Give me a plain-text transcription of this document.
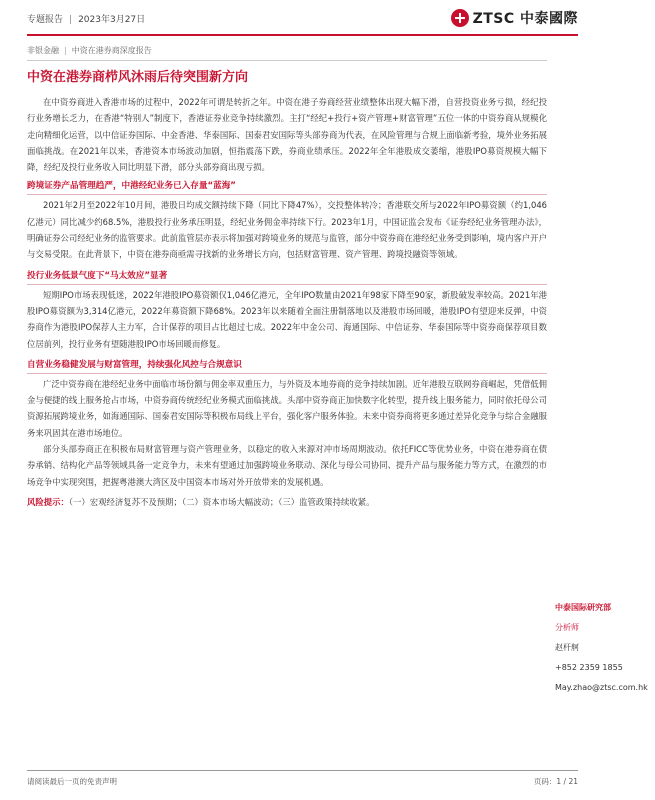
专题报告 | 2023年3月27日	ZTSC 中泰國際
非银金融 | 中资在港券商深度报告
中资在港券商栉风沐雨后待突围新方向

在中资券商进入香港市场的过程中，2022年可谓是转折之年。中资在港子券商经营业绩整体出现大幅下滑，自营投资业务亏损，经纪投行业务增长乏力，在香港“特别人”制度下，香港证券业竞争持续激烈。主打“经纪+投行+资产管理+财富管理”五位一体的中资券商从规模化走向精细化运营，以中信证券国际、中金香港、华泰国际、国泰君安国际等头部券商为代表，在风险管理与合规上面临新考验，境外业务拓展面临挑战。在2021年以来，香港资本市场波动加剧，恒指震荡下跌，券商业绩承压。2022年全年港股成交萎缩，港股IPO募资规模大幅下降，经纪及投行业务收入同比明显下滑，部分头部券商出现亏损。

跨境证券产品管理趋严，中港经纪业务已入存量“蓝海”

2021年2月至2022年10月间，港股日均成交额持续下降（同比下降47%），交投整体转冷；香港联交所与2022年IPO募资额（约1,046亿港元）同比减少约68.5%，港股投行业务承压明显，经纪业务佣金率持续下行。2023年1月，中国证监会发布《证券经纪业务管理办法》，明确证券公司经纪业务的监管要求。此前监管层亦表示将加强对跨境业务的规范与监管，部分中资券商在港经纪业务受到影响，境内客户开户与交易受限。在此背景下，中资在港券商亟需寻找新的业务增长方向，包括财富管理、资产管理、跨境投融资等领域。

投行业务低景气度下“马太效应”显著

短期IPO市场表现低迷，2022年港股IPO募资额仅1,046亿港元，全年IPO数量由2021年98家下降至90家，新股破发率较高。2021年港股IPO募资额为3,314亿港元，2022年募资额下降68%。2023年以来随着全面注册制落地以及港股市场回暖，港股IPO有望迎来反弹，中资券商作为港股IPO保荐人主力军，合计保荐的项目占比超过七成。2022年中金公司、海通国际、中信证券、华泰国际等中资券商保荐项目数位居前列，投行业务有望随港股IPO市场回暖而修复。

自营业务稳健发展与财富管理，持续强化风控与合规意识

广泛中资券商在港经纪业务中面临市场份额与佣金率双重压力，与外资及本地券商的竞争持续加剧。近年港股互联网券商崛起，凭借低佣金与便捷的线上服务抢占市场，中资券商传统经纪业务模式面临挑战。头部中资券商正加快数字化转型，提升线上服务能力，同时依托母公司资源拓展跨境业务，如海通国际、国泰君安国际等积极布局线上平台，强化客户服务体验。未来中资券商将更多通过差异化竞争与综合金融服务来巩固其在港市场地位。

部分头部券商正在积极布局财富管理与资产管理业务，以稳定的收入来源对冲市场周期波动。依托FICC等优势业务，中资在港券商在债券承销、结构化产品等领域具备一定竞争力，未来有望通过加强跨境业务联动、深化与母公司协同、提升产品与服务能力等方式，在激烈的市场竞争中实现突围，把握粤港澳大湾区及中国资本市场对外开放带来的发展机遇。

风险提示：（一）宏观经济复苏不及预期；（二）资本市场大幅波动；（三）监管政策持续收紧。
中泰国际研究部
分析师
赵杆舸
+852 2359 1855
May.zhao@ztsc.com.hk
请阅读最后一页的免责声明	页码：1 / 21
